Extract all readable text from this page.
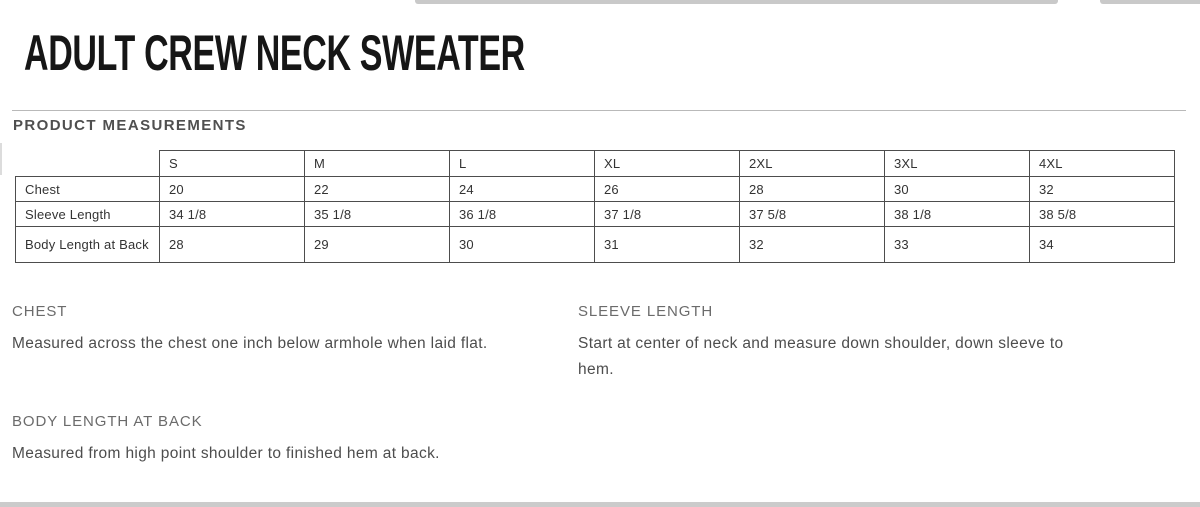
ADULT CREW NECK SWEATER
PRODUCT MEASUREMENTS
	S	M	L	XL	2XL	3XL	4XL
Chest	20	22	24	26	28	30	32
Sleeve Length	34 1/8	35 1/8	36 1/8	37 1/8	37 5/8	38 1/8	38 5/8
Body Length at Back	28	29	30	31	32	33	34
CHEST
Measured across the chest one inch below armhole when laid flat.
SLEEVE LENGTH
Start at center of neck and measure down shoulder, down sleeve to hem.
BODY LENGTH AT BACK
Measured from high point shoulder to finished hem at back.
